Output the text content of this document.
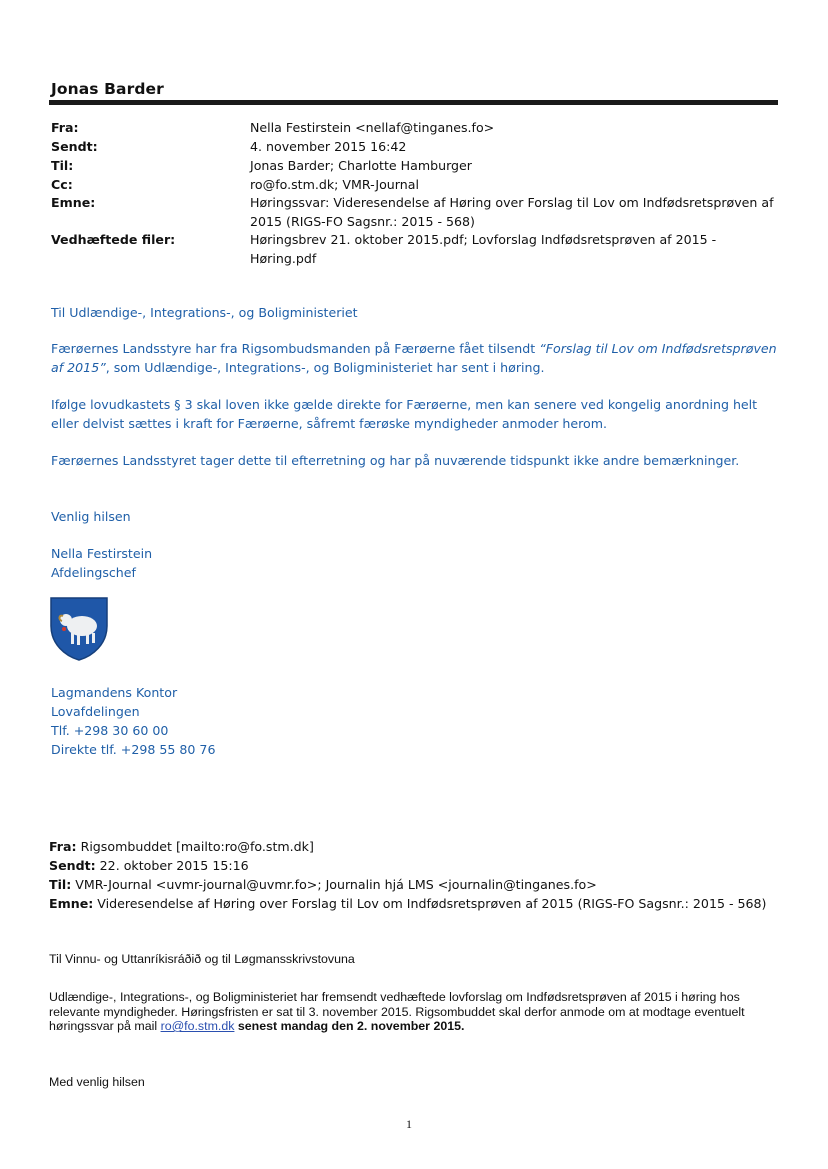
Jonas Barder
Fra:	Nella Festirstein <nellaf@tinganes.fo>
Sendt:	4. november 2015 16:42
Til:	Jonas Barder; Charlotte Hamburger
Cc:	ro@fo.stm.dk; VMR-Journal
Emne:	Høringssvar: Videresendelse af Høring over Forslag til Lov om Indfødsretsprøven af 2015 (RIGS-FO Sagsnr.: 2015 - 568)
Vedhæftede filer:	Høringsbrev 21. oktober 2015.pdf; Lovforslag Indfødsretsprøven af 2015 - Høring.pdf
Til Udlændige-, Integrations-, og Boligministeriet
Færøernes Landsstyre har fra Rigsombudsmanden på Færøerne fået tilsendt “Forslag til Lov om Indfødsretsprøven af 2015”, som Udlændige-, Integrations-, og Boligministeriet har sent i høring.
Ifølge lovudkastets § 3 skal loven ikke gælde direkte for Færøerne, men kan senere ved kongelig anordning helt eller delvist sættes i kraft for Færøerne, såfremt færøske myndigheder anmoder herom.
Færøernes Landsstyret tager dette til efterretning og har på nuværende tidspunkt ikke andre bemærkninger.
Venlig hilsen
Nella Festirstein
Afdelingschef
Lagmandens Kontor
Lovafdelingen
Tlf. +298 30 60 00
Direkte tlf. +298 55 80 76
Fra: Rigsombuddet [mailto:ro@fo.stm.dk]
Sendt: 22. oktober 2015 15:16
Til: VMR-Journal <uvmr-journal@uvmr.fo>; Journalin hjá LMS <journalin@tinganes.fo>
Emne: Videresendelse af Høring over Forslag til Lov om Indfødsretsprøven af 2015 (RIGS-FO Sagsnr.: 2015 - 568)
Til Vinnu- og Uttanríkisráðið og til Løgmansskrivstovuna
Udlændige-, Integrations-, og Boligministeriet har fremsendt vedhæftede lovforslag om Indfødsretsprøven af 2015 i høring hos relevante myndigheder. Høringsfristen er sat til 3. november 2015. Rigsombuddet skal derfor anmode om at modtage eventuelt høringssvar på mail ro@fo.stm.dk senest mandag den 2. november 2015.
Med venlig hilsen
1
